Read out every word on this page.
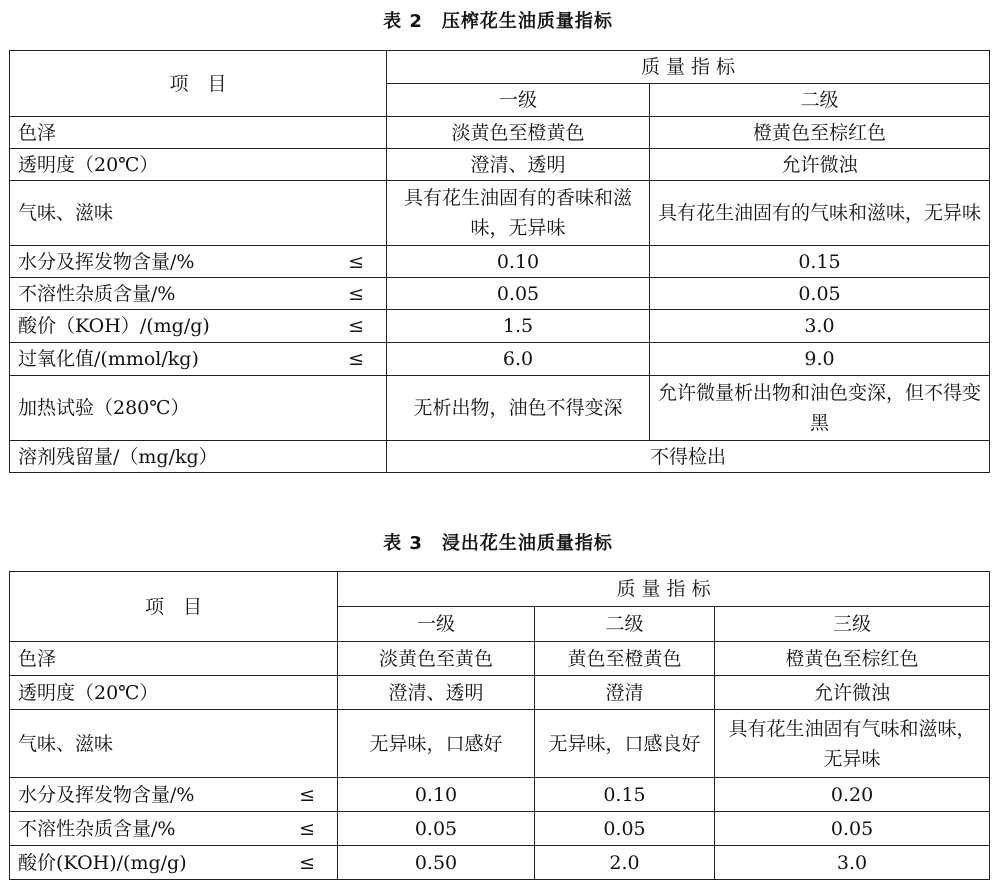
表 2　压榨花生油质量指标
项　目	质 量 指 标	
	一级	二级

色泽	淡黄色至橙黄色	橙黄色至棕红色

透明度（20℃）	澄清、透明	允许微浊

气味、滋味	具有花生油固有的香味和滋味，无异味	具有花生油固有的气味和滋味，无异味

水分及挥发物含量/% ≤	0.10	0.15

不溶性杂质含量/% ≤	0.05	0.05

酸价（KOH）/(mg/g) ≤	1.5	3.0

过氧化值/(mmol/kg) ≤	6.0	9.0

加热试验（280℃）	无析出物，油色不得变深	允许微量析出物和油色变深，但不得变黑
溶剂残留量/（mg/kg）	不得检出	
表 3　浸出花生油质量指标
项　目	质 量 指 标		
	一级	二级	三级

色泽	淡黄色至黄色	黄色至橙黄色	橙黄色至棕红色

透明度（20℃）	澄清、透明	澄清	允许微浊

气味、滋味	无异味，口感好	无异味，口感良好	具有花生油固有气味和滋味，无异味

水分及挥发物含量/% ≤	0.10	0.15	0.20

不溶性杂质含量/% ≤	0.05	0.05	0.05

酸价(KOH)/(mg/g) ≤	0.50	2.0	3.0
